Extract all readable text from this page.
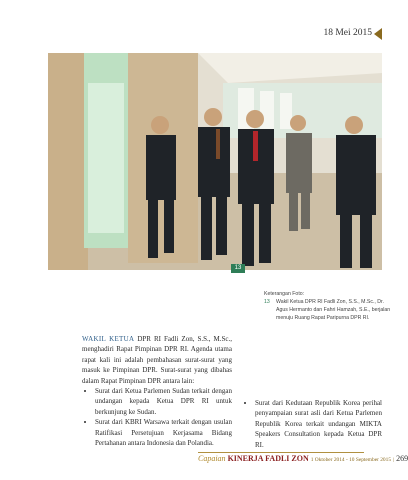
18 Mei 2015
13
Keterangan Foto:
13	Wakil Ketua DPR RI Fadli Zon, S.S., M.Sc., Dr. Agus Hermanto dan Fahri Hamzah, S.E., berjalan menuju Ruang Rapat Paripurna DPR RI.

WAKIL KETUA DPR RI Fadli Zon, S.S., M.Sc., menghadiri Rapat Pimpinan DPR RI. Agenda utama rapat kali ini adalah pembahasan surat-surat yang masuk ke Pimpinan DPR. Surat-surat yang dibahas dalam Rapat Pimpinan DPR antara lain:

• Surat dari Ketua Parlemen Sudan terkait dengan undangan kepada Ketua DPR RI untuk berkunjung ke Sudan.
• Surat dari KBRI Warsawa terkait dengan usulan Ratifikasi Persetujuan Kerjasama Bidang Pertahanan antara Indonesia dan Polandia.
• Surat dari Kedutaan Republik Korea perihal penyampaian surat asli dari Ketua Parlemen Republik Korea terkait undangan MIKTA Speakers Consultation kepada Ketua DPR RI.
Capaian KINERJA FADLI ZON 1 Oktober 2014 - 10 September 2015 | 269
